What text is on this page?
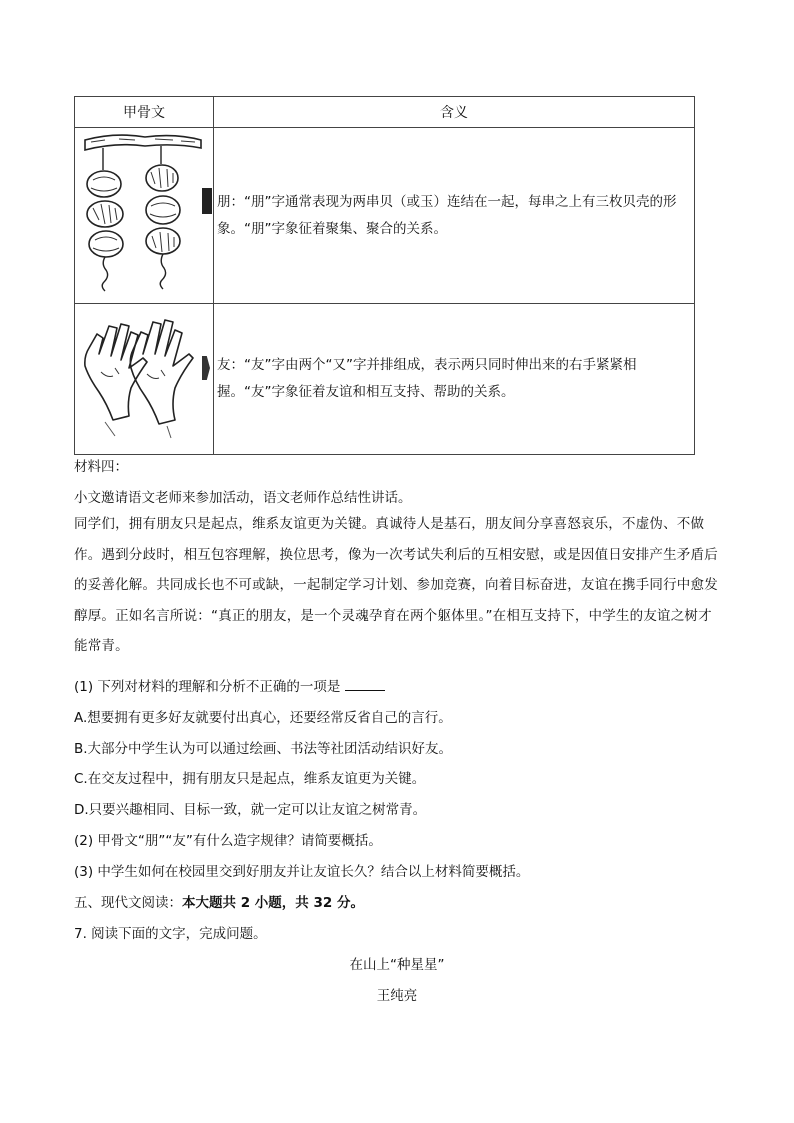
甲骨文	含义

朋：“朋”字通常表现为两串贝（或玉）连结在一起，每串之上有三枚贝壳的形象。“朋”字象征着聚集、聚合的关系。

友：“友”字由两个“又”字并排组成，表示两只同时伸出来的右手紧紧相握。“友”字象征着友谊和相互支持、帮助的关系。
材料四：
小文邀请语文老师来参加活动，语文老师作总结性讲话。
同学们，拥有朋友只是起点，维系友谊更为关键。真诚待人是基石，朋友间分享喜怒哀乐，不虚伪、不做作。遇到分歧时，相互包容理解，换位思考，像为一次考试失利后的互相安慰，或是因值日安排产生矛盾后的妥善化解。共同成长也不可或缺，一起制定学习计划、参加竞赛，向着目标奋进，友谊在携手同行中愈发醇厚。正如名言所说：“真正的朋友，是一个灵魂孕育在两个躯体里。”在相互支持下，中学生的友谊之树才能常青。
(1) 下列对材料的理解和分析不正确的一项是
A.想要拥有更多好友就要付出真心，还要经常反省自己的言行。
B.大部分中学生认为可以通过绘画、书法等社团活动结识好友。
C.在交友过程中，拥有朋友只是起点，维系友谊更为关键。
D.只要兴趣相同、目标一致，就一定可以让友谊之树常青。
(2) 甲骨文“朋”“友”有什么造字规律？请简要概括。
(3) 中学生如何在校园里交到好朋友并让友谊长久？结合以上材料简要概括。
五、现代文阅读：本大题共 2 小题，共 32 分。
7. 阅读下面的文字，完成问题。
在山上“种星星”
王纯亮
